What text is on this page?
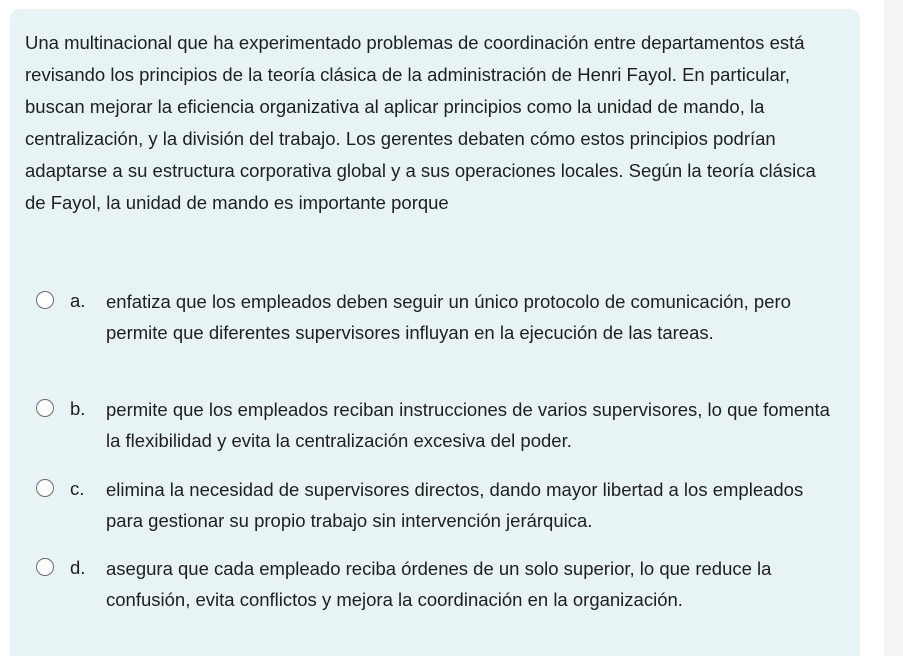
Una multinacional que ha experimentado problemas de coordinación entre departamentos está revisando los principios de la teoría clásica de la administración de Henri Fayol. En particular, buscan mejorar la eficiencia organizativa al aplicar principios como la unidad de mando, la centralización, y la división del trabajo. Los gerentes debaten cómo estos principios podrían adaptarse a su estructura corporativa global y a sus operaciones locales. Según la teoría clásica de Fayol, la unidad de mando es importante porque

a. enfatiza que los empleados deben seguir un único protocolo de comunicación, pero permite que diferentes supervisores influyan en la ejecución de las tareas.
b. permite que los empleados reciban instrucciones de varios supervisores, lo que fomenta la flexibilidad y evita la centralización excesiva del poder.
c. elimina la necesidad de supervisores directos, dando mayor libertad a los empleados para gestionar su propio trabajo sin intervención jerárquica.
d. asegura que cada empleado reciba órdenes de un solo superior, lo que reduce la confusión, evita conflictos y mejora la coordinación en la organización.
